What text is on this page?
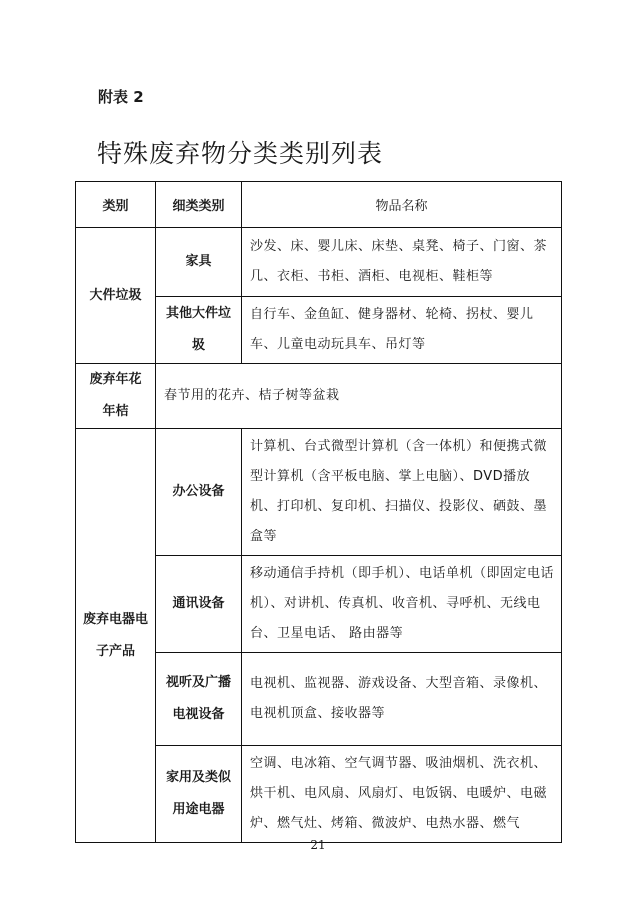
附表 2
特殊废弃物分类类别列表
类别	细类类别	物品名称
大件垃圾	家具	沙发、床、婴儿床、床垫、桌凳、椅子、门窗、茶几、衣柜、书柜、酒柜、电视柜、鞋柜等
	其他大件垃圾	自行车、金鱼缸、健身器材、轮椅、拐杖、婴儿车、儿童电动玩具车、吊灯等
废弃年花年桔	春节用的花卉、桔子树等盆栽	
废弃电器电子产品	办公设备	计算机、台式微型计算机（含一体机）和便携式微型计算机（含平板电脑、掌上电脑）、DVD播放机、打印机、复印机、扫描仪、投影仪、硒鼓、墨盒等
	通讯设备	移动通信手持机（即手机）、电话单机（即固定电话机）、对讲机、传真机、收音机、寻呼机、无线电台、卫星电话、 路由器等
	视听及广播电视设备	电视机、监视器、游戏设备、大型音箱、录像机、电视机顶盒、接收器等
	家用及类似用途电器	空调、电冰箱、空气调节器、吸油烟机、洗衣机、烘干机、电风扇、风扇灯、电饭锅、电暖炉、电磁炉、燃气灶、烤箱、微波炉、电热水器、燃气
21
